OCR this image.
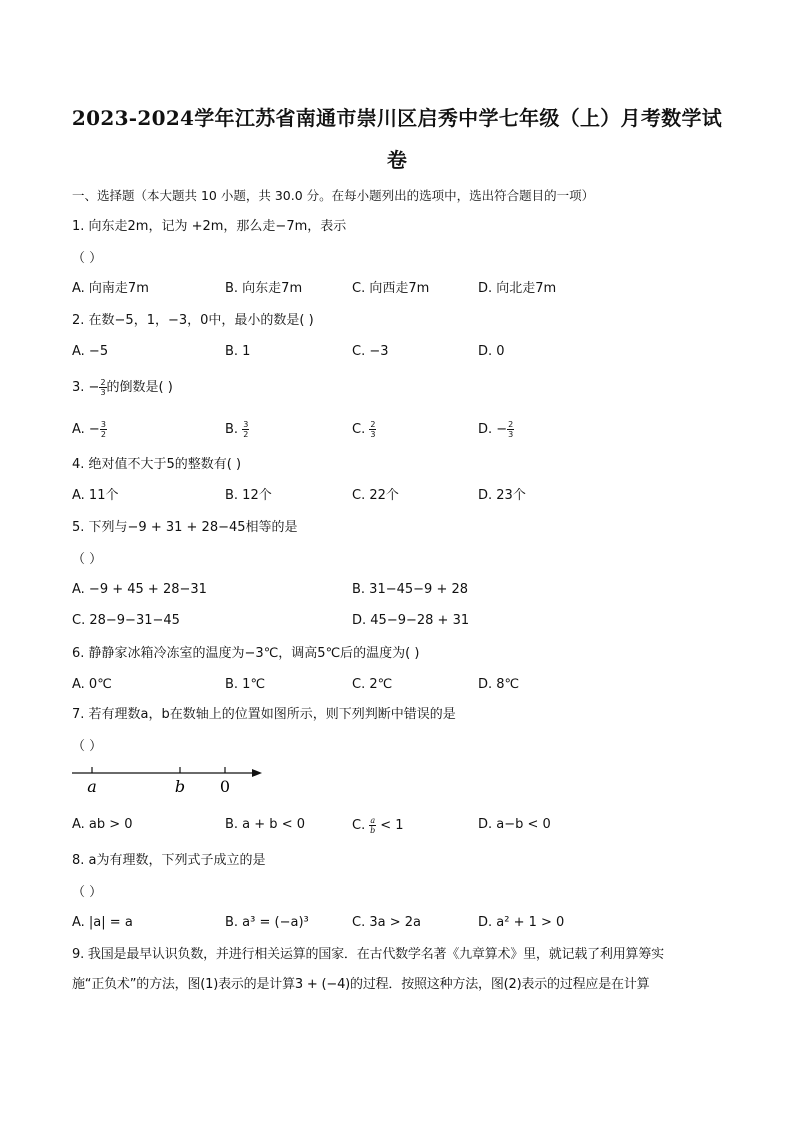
2023-2024学年江苏省南通市崇川区启秀中学七年级（上）月考数学试
卷
一、选择题（本大题共 10 小题，共 30.0 分。在每小题列出的选项中，选出符合题目的一项）
1. 向东走2m，记为 +2m，那么走−7m，表示
（ ）
A. 向南走7m	B. 向东走7m	C. 向西走7m	D. 向北走7m
2. 在数−5，1，−3，0中，最小的数是( )
A. −5	B. 1	C. −3	D. 0
3. − $\frac{2}{3}$ 的倒数是( )
A. − $\frac{3}{2}$	B. $\frac{3}{2}$	C. $\frac{2}{3}$	D. − $\frac{2}{3}$
4. 绝对值不大于5的整数有( )
A. 11个	B. 12个	C. 22个	D. 23个
5. 下列与−9 + 31 + 28−45相等的是
（ ）
A. −9 + 45 + 28−31	B. 31−45−9 + 28
C. 28−9−31−45	D. 45−9−28 + 31
6. 静静家冰箱冷冻室的温度为−3℃，调高5℃后的温度为( )
A. 0℃	B. 1℃	C. 2℃	D. 8℃
7. 若有理数a，b在数轴上的位置如图所示，则下列判断中错误的是
（ ）
a	b 0
A. ab > 0	B. a + b < 0	C. $\frac{a}{b} < 1$	D. a−b < 0
8. a为有理数，下列式子成立的是
（ ）
A. |a| = a	B. a³ = (−a)³	C. 3a > 2a	D. a² + 1 > 0
9. 我国是最早认识负数，并进行相关运算的国家．在古代数学名著《九章算术》里，就记载了利用算筹实
施“正负术”的方法，图(1)表示的是计算3 + (−4)的过程．按照这种方法，图(2)表示的过程应是在计算
